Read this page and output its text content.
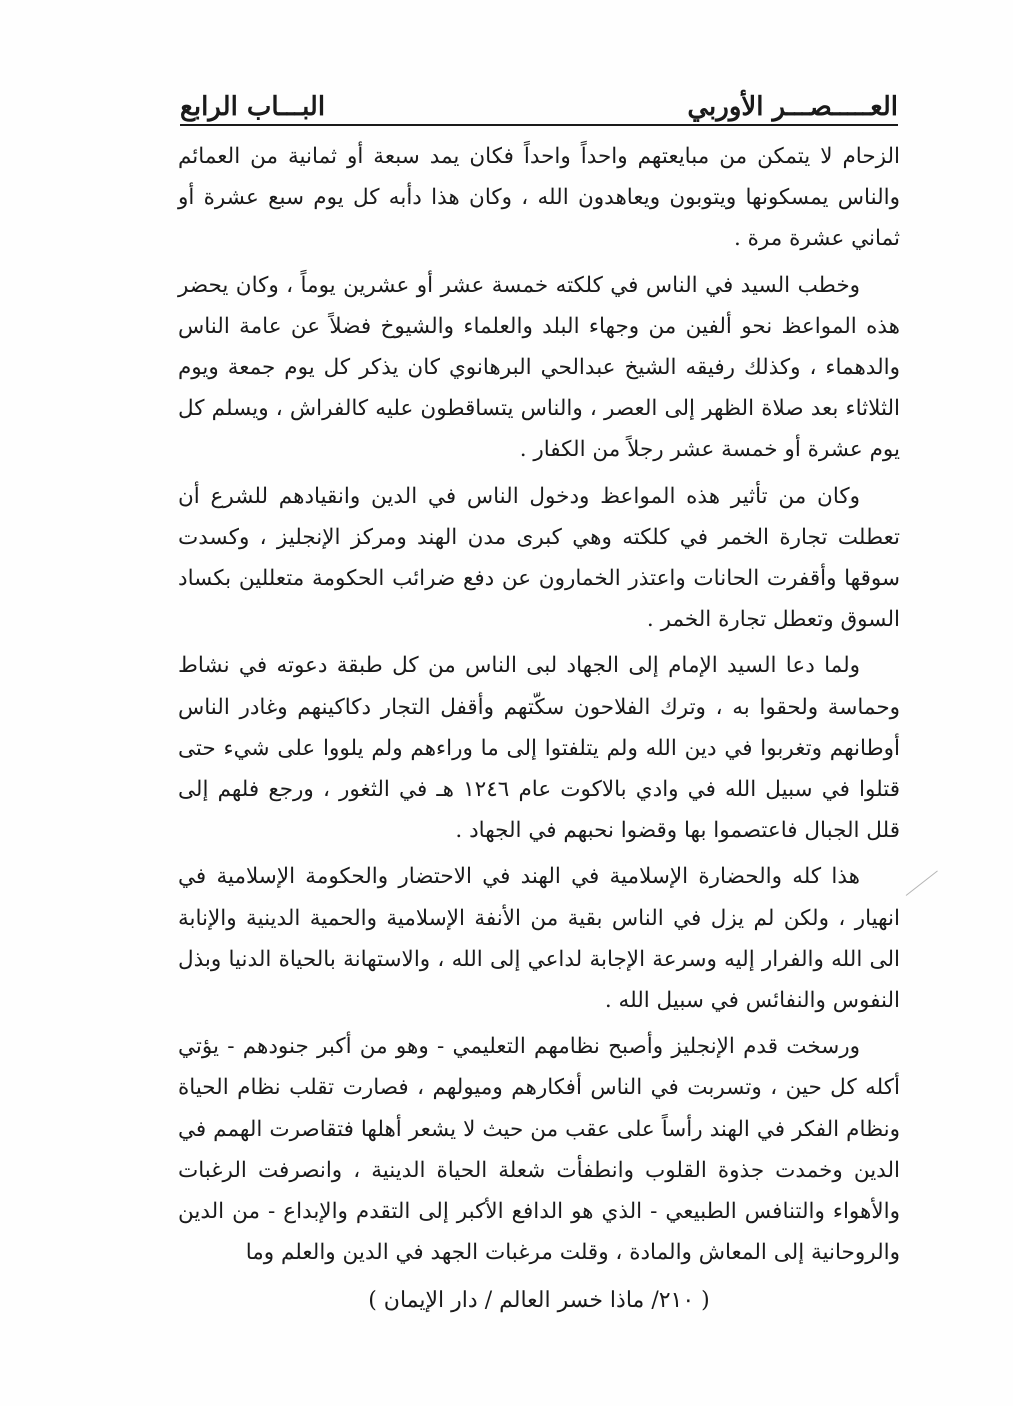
العـــــصـــر الأوربي
البـــاب الرابع

الزحام لا يتمكن من مبايعتهم واحداً واحداً فكان يمد سبعة أو ثمانية من العمائم والناس يمسكونها ويتوبون ويعاهدون الله ، وكان هذا دأبه كل يوم سبع عشرة أو ثماني عشرة مرة .

وخطب السيد في الناس في كلكته خمسة عشر أو عشرين يوماً ، وكان يحضر هذه المواعظ نحو ألفين من وجهاء البلد والعلماء والشيوخ فضلاً عن عامة الناس والدهماء ، وكذلك رفيقه الشيخ عبدالحي البرهانوي كان يذكر كل يوم جمعة ويوم الثلاثاء بعد صلاة الظهر إلى العصر ، والناس يتساقطون عليه كالفراش ، ويسلم كل يوم عشرة أو خمسة عشر رجلاً من الكفار .

وكان من تأثير هذه المواعظ ودخول الناس في الدين وانقيادهم للشرع أن تعطلت تجارة الخمر في كلكته وهي كبرى مدن الهند ومركز الإنجليز ، وكسدت سوقها وأقفرت الحانات واعتذر الخمارون عن دفع ضرائب الحكومة متعللين بكساد السوق وتعطل تجارة الخمر .

ولما دعا السيد الإمام إلى الجهاد لبى الناس من كل طبقة دعوته في نشاط وحماسة ولحقوا به ، وترك الفلاحون سكّتهم وأقفل التجار دكاكينهم وغادر الناس أوطانهم وتغربوا في دين الله ولم يتلفتوا إلى ما وراءهم ولم يلووا على شيء حتى قتلوا في سبيل الله في وادي بالاكوت عام ١٢٤٦ هـ في الثغور ، ورجع فلهم إلى قلل الجبال فاعتصموا بها وقضوا نحبهم في الجهاد .

هذا كله والحضارة الإسلامية في الهند في الاحتضار والحكومة الإسلامية في انهيار ، ولكن لم يزل في الناس بقية من الأنفة الإسلامية والحمية الدينية والإنابة الى الله والفرار إليه وسرعة الإجابة لداعي إلى الله ، والاستهانة بالحياة الدنيا وبذل النفوس والنفائس في سبيل الله .

ورسخت قدم الإنجليز وأصبح نظامهم التعليمي - وهو من أكبر جنودهم - يؤتي أكله كل حين ، وتسربت في الناس أفكارهم وميولهم ، فصارت تقلب نظام الحياة ونظام الفكر في الهند رأساً على عقب من حيث لا يشعر أهلها فتقاصرت الهمم في الدين وخمدت جذوة القلوب وانطفأت شعلة الحياة الدينية ، وانصرفت الرغبات والأهواء والتنافس الطبيعي - الذي هو الدافع الأكبر إلى التقدم والإبداع - من الدين والروحانية إلى المعاش والمادة ، وقلت مرغبات الجهد في الدين والعلم وما

( ٢١٠/ ماذا خسر العالم / دار الإيمان )
